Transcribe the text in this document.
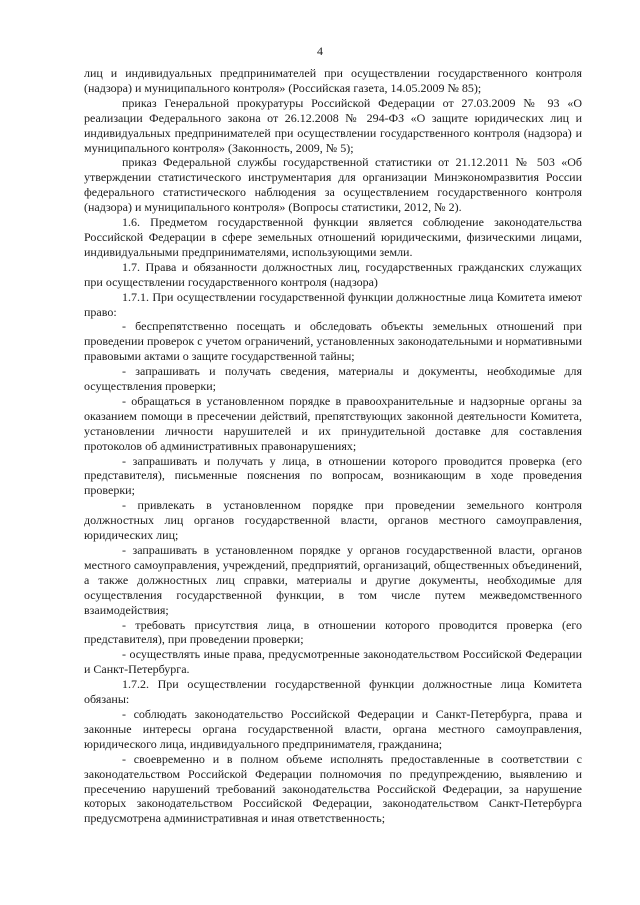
4

лиц и индивидуальных предпринимателей при осуществлении государственного контроля (надзора) и муниципального контроля» (Российская газета, 14.05.2009 № 85);

приказ Генеральной прокуратуры Российской Федерации от 27.03.2009 № 93 «О реализации Федерального закона от 26.12.2008 № 294-ФЗ «О защите юридических лиц и индивидуальных предпринимателей при осуществлении государственного контроля (надзора) и муниципального контроля» (Законность, 2009, № 5);

приказ Федеральной службы государственной статистики от 21.12.2011 № 503 «Об утверждении статистического инструментария для организации Минэкономразвития России федерального статистического наблюдения за осуществлением государственного контроля (надзора) и муниципального контроля» (Вопросы статистики, 2012, № 2).

1.6. Предметом государственной функции является соблюдение законодательства Российской Федерации в сфере земельных отношений юридическими, физическими лицами, индивидуальными предпринимателями, использующими земли.

1.7. Права и обязанности должностных лиц, государственных гражданских служащих при осуществлении государственного контроля (надзора)

1.7.1. При осуществлении государственной функции должностные лица Комитета имеют право:

- беспрепятственно посещать и обследовать объекты земельных отношений при проведении проверок с учетом ограничений, установленных законодательными и нормативными правовыми актами о защите государственной тайны;

- запрашивать и получать сведения, материалы и документы, необходимые для осуществления проверки;

- обращаться в установленном порядке в правоохранительные и надзорные органы за оказанием помощи в пресечении действий, препятствующих законной деятельности Комитета, установлении личности нарушителей и их принудительной доставке для составления протоколов об административных правонарушениях;

- запрашивать и получать у лица, в отношении которого проводится проверка (его представителя), письменные пояснения по вопросам, возникающим в ходе проведения проверки;

- привлекать в установленном порядке при проведении земельного контроля должностных лиц органов государственной власти, органов местного самоуправления, юридических лиц;

- запрашивать в установленном порядке у органов государственной власти, органов местного самоуправления, учреждений, предприятий, организаций, общественных объединений, а также должностных лиц справки, материалы и другие документы, необходимые для осуществления государственной функции, в том числе путем межведомственного взаимодействия;

- требовать присутствия лица, в отношении которого проводится проверка (его представителя), при проведении проверки;

- осуществлять иные права, предусмотренные законодательством Российской Федерации и Санкт-Петербурга.

1.7.2. При осуществлении государственной функции должностные лица Комитета обязаны:

- соблюдать законодательство Российской Федерации и Санкт-Петербурга, права и законные интересы органа государственной власти, органа местного самоуправления, юридического лица, индивидуального предпринимателя, гражданина;

- своевременно и в полном объеме исполнять предоставленные в соответствии с законодательством Российской Федерации полномочия по предупреждению, выявлению и пресечению нарушений требований законодательства Российской Федерации, за нарушение которых законодательством Российской Федерации, законодательством Санкт-Петербурга предусмотрена административная и иная ответственность;
